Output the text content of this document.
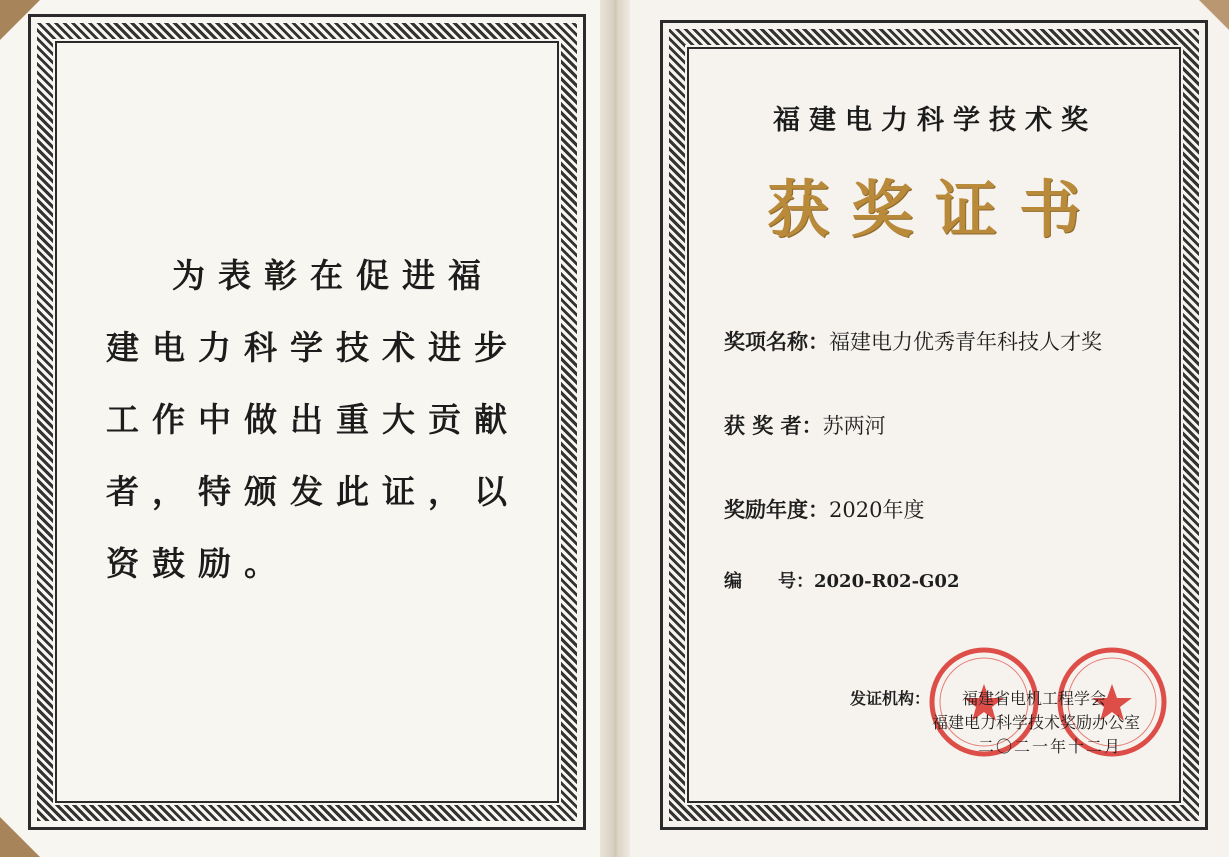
为表彰在促进福建电力科学技术进步工作中做出重大贡献者，特颁发此证，以资鼓励。
福建电力科学技术奖
获奖证书
奖项名称：福建电力优秀青年科技人才奖
获 奖 者：苏两河
奖励年度：2020年度
编　　号：2020-R02-G02
发证机构： 福建省电机工程学会
福建电力科学技术奖励办公室
二〇二一年十二月
